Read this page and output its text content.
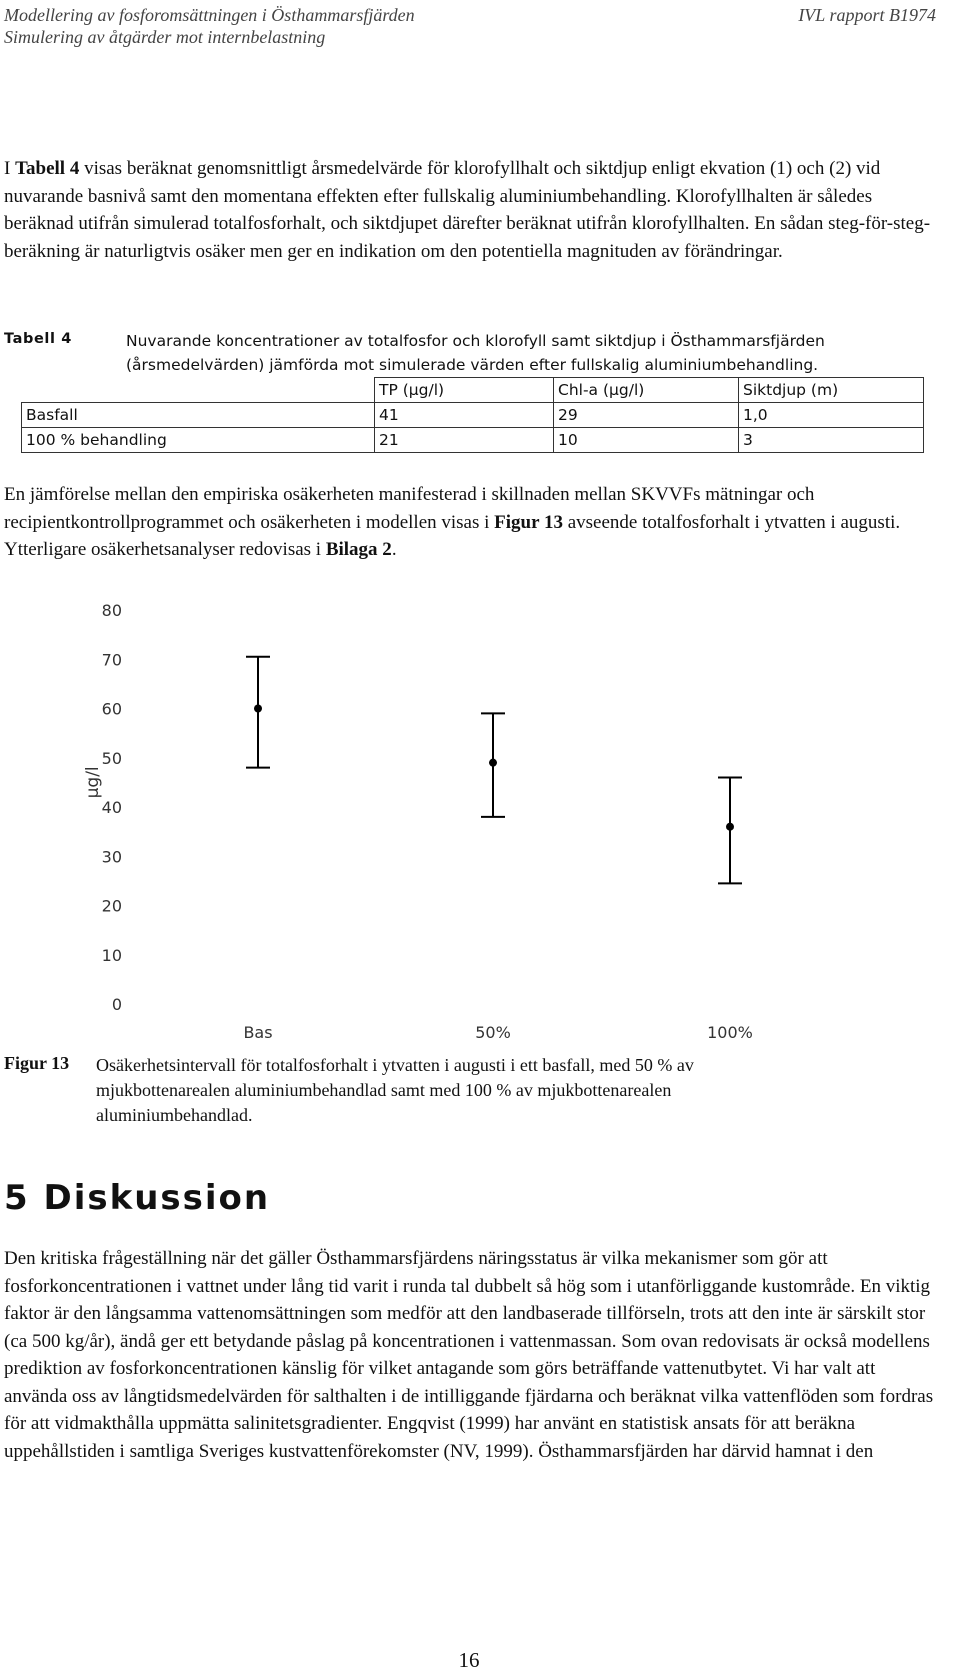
Modellering av fosforomsättningen i Östhammarsfjärden
Simulering av åtgärder mot internbelastning
IVL rapport B1974

I Tabell 4 visas beräknat genomsnittligt årsmedelvärde för klorofyllhalt och siktdjup enligt ekvation (1) och (2) vid nuvarande basnivå samt den momentana effekten efter fullskalig aluminiumbehandling. Klorofyllhalten är således beräknad utifrån simulerad totalfosforhalt, och siktdjupet därefter beräknat utifrån klorofyllhalten. En sådan steg-för-steg-beräkning är naturligtvis osäker men ger en indikation om den potentiella magnituden av förändringar.

Tabell 4	Nuvarande koncentrationer av totalfosfor och klorofyll samt siktdjup i Östhammarsfjärden (årsmedelvärden) jämförda mot simulerade värden efter fullskalig aluminiumbehandling.
	TP (µg/l)	Chl-a (µg/l)	Siktdjup (m)
Basfall	41	29	1,0
100 % behandling	21	10	3

En jämförelse mellan den empiriska osäkerheten manifesterad i skillnaden mellan SKVVFs mätningar och recipientkontrollprogrammet och osäkerheten i modellen visas i Figur 13 avseende totalfosforhalt i ytvatten i augusti. Ytterligare osäkerhetsanalyser redovisas i Bilaga 2.

0
10
20
30
40
50
60
70
80
µg/l
Bas	50%	100%
Figur 13 Osäkerhetsintervall för totalfosforhalt i ytvatten i augusti i ett basfall, med 50 % av mjukbottenarealen aluminiumbehandlad samt med 100 % av mjukbottenarealen aluminiumbehandlad.
5 Diskussion

Den kritiska frågeställning när det gäller Östhammarsfjärdens näringsstatus är vilka mekanismer som gör att fosforkoncentrationen i vattnet under lång tid varit i runda tal dubbelt så hög som i utanförliggande kustområde. En viktig faktor är den långsamma vattenomsättningen som medför att den landbaserade tillförseln, trots att den inte är särskilt stor (ca 500 kg/år), ändå ger ett betydande påslag på koncentrationen i vattenmassan. Som ovan redovisats är också modellens prediktion av fosforkoncentrationen känslig för vilket antagande som görs beträffande vattenutbytet. Vi har valt att använda oss av långtidsmedelvärden för salthalten i de intilliggande fjärdarna och beräknat vilka vattenflöden som fordras för att vidmakthålla uppmätta salinitetsgradienter. Engqvist (1999) har använt en statistisk ansats för att beräkna uppehållstiden i samtliga Sveriges kustvattenförekomster (NV, 1999). Östhammarsfjärden har därvid hamnat i den

16
